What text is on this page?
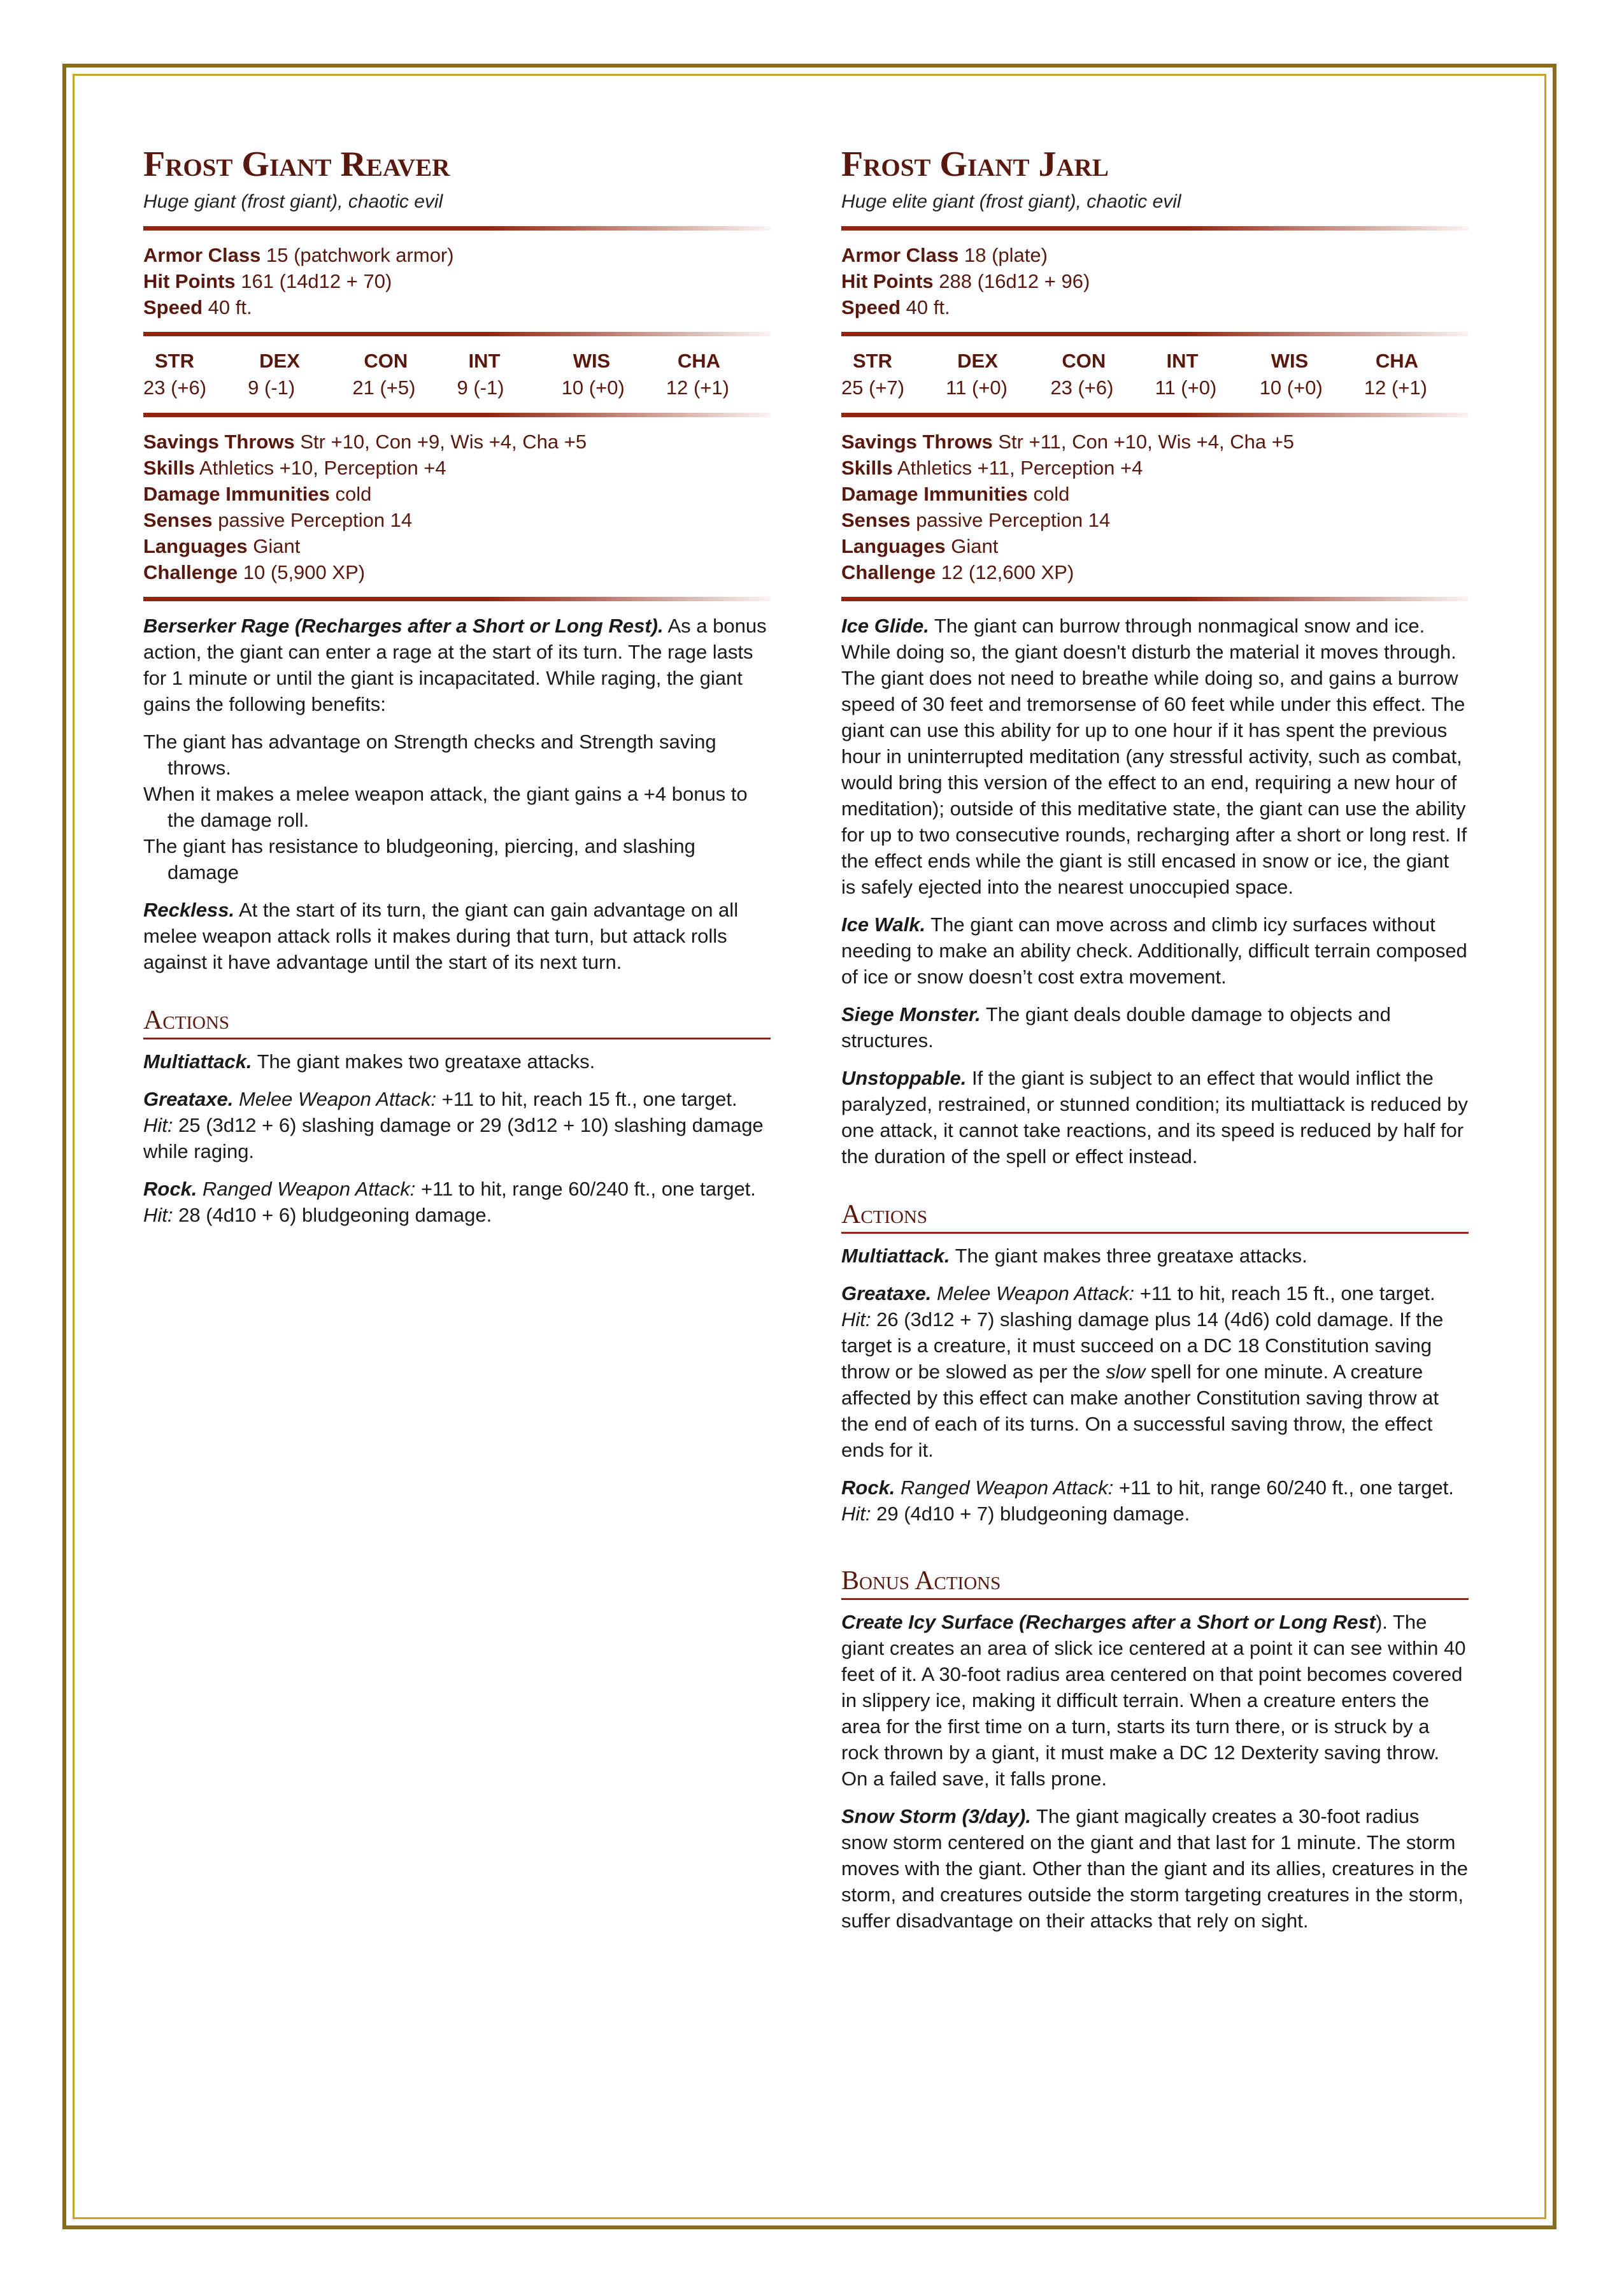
Frost Giant Reaver

Huge giant (frost giant), chaotic evil

Armor Class 15 (patchwork armor)
Hit Points 161 (14d12 + 70)
Speed 40 ft.
STR
23 (+6)
DEX
9 (-1)
CON
21 (+5)
INT
9 (-1)
WIS
10 (+0)
CHA
12 (+1)
Savings Throws Str +10, Con +9, Wis +4, Cha +5
Skills Athletics +10, Perception +4
Damage Immunities cold
Senses passive Perception 14
Languages Giant
Challenge 10 (5,900 XP)

Berserker Rage (Recharges after a Short or Long Rest). As a bonus action, the giant can enter a rage at the start of its turn. The rage lasts for 1 minute or until the giant is incapacitated. While raging, the giant gains the following benefits:

The giant has advantage on Strength checks and Strength saving throws.
When it makes a melee weapon attack, the giant gains a +4 bonus to the damage roll.
The giant has resistance to bludgeoning, piercing, and slashing damage

Reckless. At the start of its turn, the giant can gain advantage on all melee weapon attack rolls it makes during that turn, but attack rolls against it have advantage until the start of its next turn.

Actions

Multiattack. The giant makes two greataxe attacks.

Greataxe. Melee Weapon Attack: +11 to hit, reach 15 ft., one target. Hit: 25 (3d12 + 6) slashing damage or 29 (3d12 + 10) slashing damage while raging.

Rock. Ranged Weapon Attack: +11 to hit, range 60/240 ft., one target. Hit: 28 (4d10 + 6) bludgeoning damage.

Frost Giant Jarl

Huge elite giant (frost giant), chaotic evil

Armor Class 18 (plate)
Hit Points 288 (16d12 + 96)
Speed 40 ft.
STR
25 (+7)
DEX
11 (+0)
CON
23 (+6)
INT
11 (+0)
WIS
10 (+0)
CHA
12 (+1)
Savings Throws Str +11, Con +10, Wis +4, Cha +5
Skills Athletics +11, Perception +4
Damage Immunities cold
Senses passive Perception 14
Languages Giant
Challenge 12 (12,600 XP)

Ice Glide. The giant can burrow through nonmagical snow and ice. While doing so, the giant doesn't disturb the material it moves through. The giant does not need to breathe while doing so, and gains a burrow speed of 30 feet and tremorsense of 60 feet while under this effect. The giant can use this ability for up to one hour if it has spent the previous hour in uninterrupted meditation (any stressful activity, such as combat, would bring this version of the effect to an end, requiring a new hour of meditation); outside of this meditative state, the giant can use the ability for up to two consecutive rounds, recharging after a short or long rest. If the effect ends while the giant is still encased in snow or ice, the giant is safely ejected into the nearest unoccupied space.

Ice Walk. The giant can move across and climb icy surfaces without needing to make an ability check. Additionally, difficult terrain composed of ice or snow doesn’t cost extra movement.

Siege Monster. The giant deals double damage to objects and structures.

Unstoppable. If the giant is subject to an effect that would inflict the paralyzed, restrained, or stunned condition; its multiattack is reduced by one attack, it cannot take reactions, and its speed is reduced by half for the duration of the spell or effect instead.

Actions

Multiattack. The giant makes three greataxe attacks.

Greataxe. Melee Weapon Attack: +11 to hit, reach 15 ft., one target. Hit: 26 (3d12 + 7) slashing damage plus 14 (4d6) cold damage. If the target is a creature, it must succeed on a DC 18 Constitution saving throw or be slowed as per the slow spell for one minute. A creature affected by this effect can make another Constitution saving throw at the end of each of its turns. On a successful saving throw, the effect ends for it.

Rock. Ranged Weapon Attack: +11 to hit, range 60/240 ft., one target. Hit: 29 (4d10 + 7) bludgeoning damage.

Bonus Actions

Create Icy Surface (Recharges after a Short or Long Rest). The giant creates an area of slick ice centered at a point it can see within 40 feet of it. A 30-foot radius area centered on that point becomes covered in slippery ice, making it difficult terrain. When a creature enters the area for the first time on a turn, starts its turn there, or is struck by a rock thrown by a giant, it must make a DC 12 Dexterity saving throw. On a failed save, it falls prone.

Snow Storm (3/day). The giant magically creates a 30-foot radius snow storm centered on the giant and that last for 1 minute. The storm moves with the giant. Other than the giant and its allies, creatures in the storm, and creatures outside the storm targeting creatures in the storm, suffer disadvantage on their attacks that rely on sight.
